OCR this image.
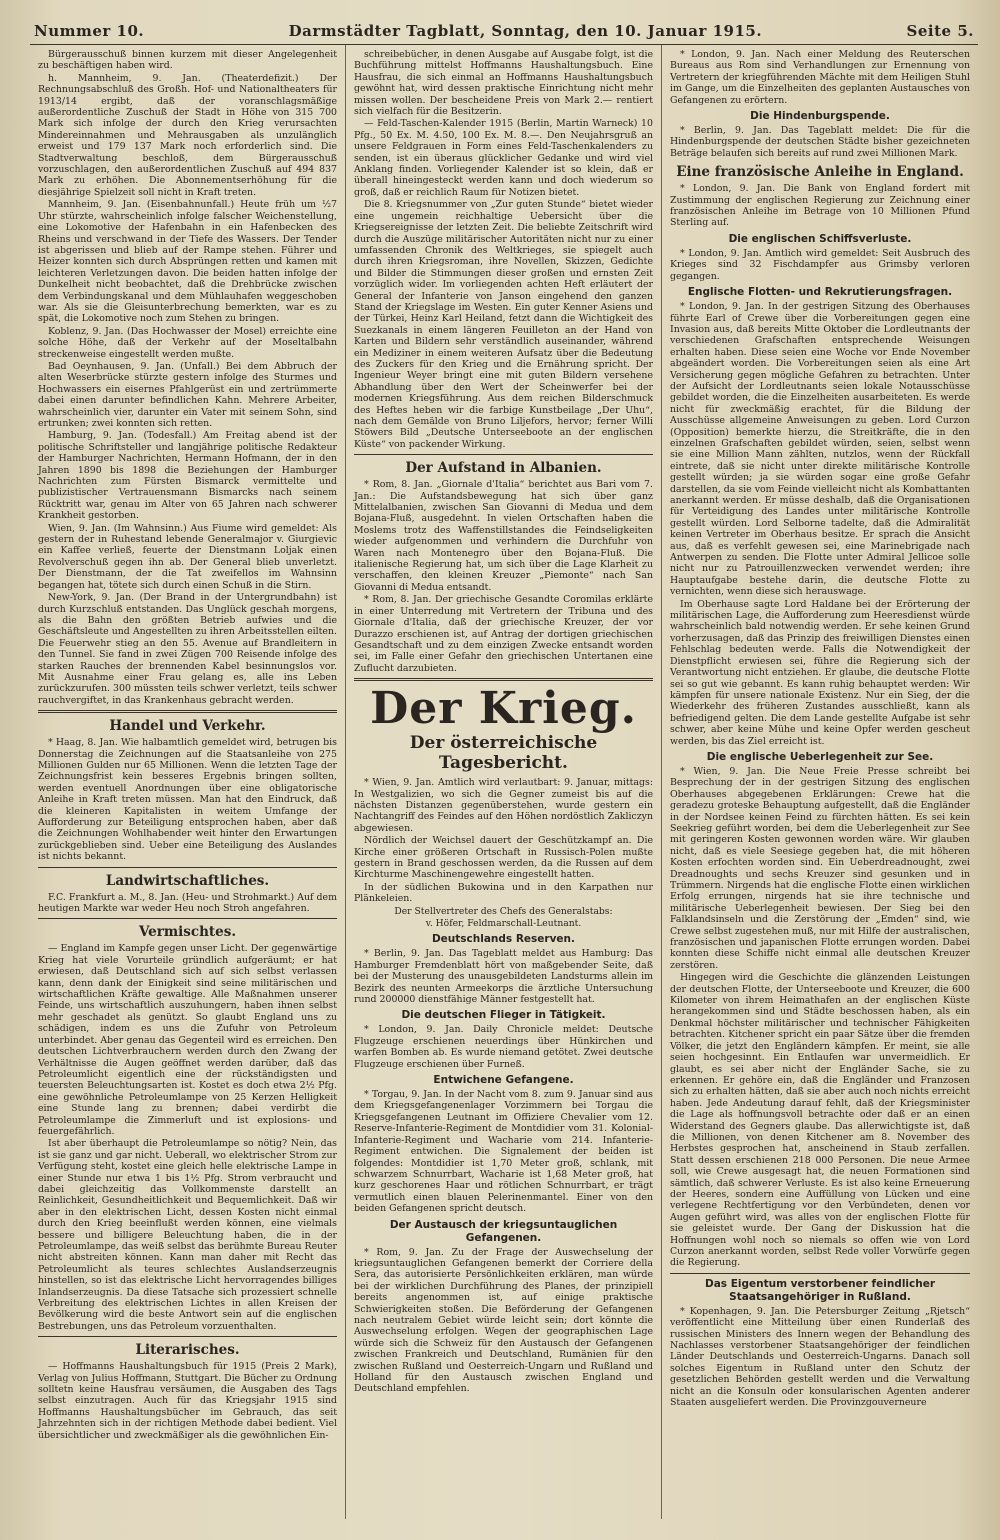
Nummer 10.	Darmstädter Tagblatt, Sonntag, den 10. Januar 1915.	Seite 5.

Bürgerausschuß binnen kurzem mit dieser Angelegenheit zu beschäftigen haben wird.

h. Mannheim, 9. Jan. (Theaterdefizit.) Der Rechnungsabschluß des Großh. Hof- und Nationaltheaters für 1913/14 ergibt, daß der voranschlagsmäßige außerordentliche Zuschuß der Stadt in Höhe von 315 700 Mark sich infolge der durch den Krieg verursachten Mindereinnahmen und Mehrausgaben als unzulänglich erweist und 179 137 Mark noch erforderlich sind. Die Stadtverwaltung beschloß, dem Bürgerausschuß vorzuschlagen, den außerordentlichen Zuschuß auf 494 837 Mark zu erhöhen. Die Abonnementserhöhung für die diesjährige Spielzeit soll nicht in Kraft treten.

Mannheim, 9. Jan. (Eisenbahnunfall.) Heute früh um ½7 Uhr stürzte, wahrscheinlich infolge falscher Weichenstellung, eine Lokomotive der Hafenbahn in ein Hafenbecken des Rheins und verschwand in der Tiefe des Wassers. Der Tender ist abgerissen und blieb auf der Rampe stehen. Führer und Heizer konnten sich durch Absprüngen retten und kamen mit leichteren Verletzungen davon. Die beiden hatten infolge der Dunkelheit nicht beobachtet, daß die Drehbrücke zwischen dem Verbindungskanal und dem Mühlauhafen weggeschoben war. Als sie die Gleisunterbrechung bemerkten, war es zu spät, die Lokomotive noch zum Stehen zu bringen.

Koblenz, 9. Jan. (Das Hochwasser der Mosel) erreichte eine solche Höhe, daß der Verkehr auf der Moseltalbahn streckenweise eingestellt werden mußte.

Bad Oeynhausen, 9. Jan. (Unfall.) Bei dem Abbruch der alten Weserbrücke stürzte gestern infolge des Sturmes und Hochwassers ein eisernes Pfahlgerüst ein und zertrümmerte dabei einen darunter befindlichen Kahn. Mehrere Arbeiter, wahrscheinlich vier, darunter ein Vater mit seinem Sohn, sind ertrunken; zwei konnten sich retten.

Hamburg, 9. Jan. (Todesfall.) Am Freitag abend ist der politische Schriftsteller und langjährige politische Redakteur der Hamburger Nachrichten, Hermann Hofmann, der in den Jahren 1890 bis 1898 die Beziehungen der Hamburger Nachrichten zum Fürsten Bismarck vermittelte und publizistischer Vertrauensmann Bismarcks nach seinem Rücktritt war, genau im Alter von 65 Jahren nach schwerer Krankheit gestorben.

Wien, 9. Jan. (Im Wahnsinn.) Aus Fiume wird gemeldet: Als gestern der in Ruhestand lebende Generalmajor v. Giurgievic ein Kaffee verließ, feuerte der Dienstmann Loljak einen Revolverschuß gegen ihn ab. Der General blieb unverletzt. Der Dienstmann, der die Tat zweifellos im Wahnsinn begangen hat, tötete sich durch einen Schuß in die Stirn.

New-York, 9. Jan. (Der Brand in der Untergrundbahn) ist durch Kurzschluß entstanden. Das Unglück geschah morgens, als die Bahn den größten Betrieb aufwies und die Geschäftsleute und Angestellten zu ihren Arbeitsstellen eilten. Die Feuerwehr stieg an den 55. Avenue auf Brandleitern in den Tunnel. Sie fand in zwei Zügen 700 Reisende infolge des starken Rauches der brennenden Kabel besinnungslos vor. Mit Ausnahme einer Frau gelang es, alle ins Leben zurückzurufen. 300 müssten teils schwer verletzt, teils schwer rauchvergiftet, in das Krankenhaus gebracht werden.

Handel und Verkehr.

* Haag, 8. Jan. Wie halbamtlich gemeldet wird, betrugen bis Donnerstag die Zeichnungen auf die Staatsanleihe von 275 Millionen Gulden nur 65 Millionen. Wenn die letzten Tage der Zeichnungsfrist kein besseres Ergebnis bringen sollten, werden eventuell Anordnungen über eine obligatorische Anleihe in Kraft treten müssen. Man hat den Eindruck, daß die kleineren Kapitalisten in weitem Umfange der Aufforderung zur Beteiligung entsprochen haben, aber daß die Zeichnungen Wohlhabender weit hinter den Erwartungen zurückgeblieben sind. Ueber eine Beteiligung des Auslandes ist nichts bekannt.

Landwirtschaftliches.

F.C. Frankfurt a. M., 8. Jan. (Heu- und Strohmarkt.) Auf dem heutigen Markte war weder Heu noch Stroh angefahren.

Vermischtes.

— England im Kampfe gegen unser Licht. Der gegenwärtige Krieg hat viele Vorurteile gründlich aufgeräumt; er hat erwiesen, daß Deutschland sich auf sich selbst verlassen kann, denn dank der Einigkeit sind seine militärischen und wirtschaftlichen Kräfte gewaltige. Alle Maßnahmen unserer Feinde, uns wirtschaftlich auszuhungern, haben ihnen selbst mehr geschadet als genützt. So glaubt England uns zu schädigen, indem es uns die Zufuhr von Petroleum unterbindet. Aber genau das Gegenteil wird es erreichen. Den deutschen Lichtverbrauchern werden durch den Zwang der Verhältnisse die Augen geöffnet werden darüber, daß das Petroleumlicht eigentlich eine der rückständigsten und teuersten Beleuchtungsarten ist. Kostet es doch etwa 2½ Pfg. eine gewöhnliche Petroleumlampe von 25 Kerzen Helligkeit eine Stunde lang zu brennen; dabei verdirbt die Petroleumlampe die Zimmerluft und ist explosions- und feuergefährlich.

Ist aber überhaupt die Petroleumlampe so nötig? Nein, das ist sie ganz und gar nicht. Ueberall, wo elektrischer Strom zur Verfügung steht, kostet eine gleich helle elektrische Lampe in einer Stunde nur etwa 1 bis 1½ Pfg. Strom verbraucht und dabei gleichzeitig das Vollkommenste darstellt an Reinlichkeit, Gesundheitlichkeit und Bequemlichkeit. Daß wir aber in den elektrischen Licht, dessen Kosten nicht einmal durch den Krieg beeinflußt werden können, eine vielmals bessere und billigere Beleuchtung haben, die in der Petroleumlampe, das weiß selbst das berühmte Bureau Reuter nicht abstreiten können. Kann man daher mit Recht das Petroleumlicht als teures schlechtes Auslandserzeugnis hinstellen, so ist das elektrische Licht hervorragendes billiges Inlandserzeugnis. Da diese Tatsache sich prozessiert schnelle Verbreitung des elektrischen Lichtes in allen Kreisen der Bevölkerung wird die beste Antwort sein auf die englischen Bestrebungen, uns das Petroleum vorzuenthalten.

Literarisches.

— Hoffmanns Haushaltungsbuch für 1915 (Preis 2 Mark), Verlag von Julius Hoffmann, Stuttgart. Die Bücher zu Ordnung solltetn keine Hausfrau versäumen, die Ausgaben des Tags selbst einzutragen. Auch für das Kriegsjahr 1915 sind Hoffmanns Haushaltungsbücher im Gebrauch, das seit Jahrzehnten sich in der richtigen Methode dabei bedient. Viel übersichtlicher und zweckmäßiger als die gewöhnlichen Ein-

schreibebücher, in denen Ausgabe auf Ausgabe folgt, ist die Buchführung mittelst Hoffmanns Haushaltungsbuch. Eine Hausfrau, die sich einmal an Hoffmanns Haushaltungsbuch gewöhnt hat, wird dessen praktische Einrichtung nicht mehr missen wollen. Der bescheidene Preis von Mark 2.— rentiert sich vielfach für die Besitzerin.

— Feld-Taschen-Kalender 1915 (Berlin, Martin Warneck) 10 Pfg., 50 Ex. M. 4.50, 100 Ex. M. 8.—. Den Neujahrsgruß an unsere Feldgrauen in Form eines Feld-Taschenkalenders zu senden, ist ein überaus glücklicher Gedanke und wird viel Anklang finden. Vorliegender Kalender ist so klein, daß er überall hineingesteckt werden kann und doch wiederum so groß, daß er reichlich Raum für Notizen bietet.

Die 8. Kriegsnummer von „Zur guten Stunde“ bietet wieder eine ungemein reichhaltige Uebersicht über die Kriegsereignisse der letzten Zeit. Die beliebte Zeitschrift wird durch die Auszüge militärischer Autoritäten nicht nur zu einer umfassenden Chronik des Weltkrieges, sie spiegelt auch durch ihren Kriegsroman, ihre Novellen, Skizzen, Gedichte und Bilder die Stimmungen dieser großen und ernsten Zeit vorzüglich wider. Im vorliegenden achten Heft erläutert der General der Infanterie von Janson eingehend den ganzen Stand der Kriegslage im Westen. Ein guter Kenner Asiens und der Türkei, Heinz Karl Heiland, fetzt dann die Wichtigkeit des Suezkanals in einem längeren Feuilleton an der Hand von Karten und Bildern sehr verständlich auseinander, während ein Mediziner in einem weiteren Aufsatz über die Bedeutung des Zuckers für den Krieg und die Ernährung spricht. Der Ingenieur Weyer bringt eine mit guten Bildern versehene Abhandlung über den Wert der Scheinwerfer bei der modernen Kriegsführung. Aus dem reichen Bilderschmuck des Heftes heben wir die farbige Kunstbeilage „Der Uhu“, nach dem Gemälde von Bruno Liljefors, hervor; ferner Willi Stöwers Bild „Deutsche Unterseeboote an der englischen Küste“ von packender Wirkung.

Der Aufstand in Albanien.

* Rom, 8. Jan. „Giornale d'Italia“ berichtet aus Bari vom 7. Jan.: Die Aufstandsbewegung hat sich über ganz Mittelalbanien, zwischen San Giovanni di Medua und dem Bojana-Fluß, ausgedehnt. In vielen Ortschaften haben die Moslems trotz des Waffenstillstandes die Feindseligkeiten wieder aufgenommen und verhindern die Durchfuhr von Waren nach Montenegro über den Bojana-Fluß. Die italienische Regierung hat, um sich über die Lage Klarheit zu verschaffen, den kleinen Kreuzer „Piemonte“ nach San Giovanni di Medua entsandt.

* Rom, 8. Jan. Der griechische Gesandte Coromilas erklärte in einer Unterredung mit Vertretern der Tribuna und des Giornale d'Italia, daß der griechische Kreuzer, der vor Durazzo erschienen ist, auf Antrag der dortigen griechischen Gesandtschaft und zu dem einzigen Zwecke entsandt worden sei, im Falle einer Gefahr den griechischen Untertanen eine Zuflucht darzubieten.

Der Krieg.
Der österreichische Tagesbericht.

* Wien, 9. Jan. Amtlich wird verlautbart: 9. Januar, mittags: In Westgalizien, wo sich die Gegner zumeist bis auf die nächsten Distanzen gegenüberstehen, wurde gestern ein Nachtangriff des Feindes auf den Höhen nordöstlich Zakliczyn abgewiesen.

Nördlich der Weichsel dauert der Geschützkampf an. Die Kirche einer größeren Ortschaft in Russisch-Polen mußte gestern in Brand geschossen werden, da die Russen auf dem Kirchturme Maschinengewehre eingestellt hatten.

In der südlichen Bukowina und in den Karpathen nur Plänkeleien.

Der Stellvertreter des Chefs des Generalstabs:

v. Höfer, Feldmarschall-Leutnant.

Deutschlands Reserven.

* Berlin, 9. Jan. Das Tageblatt meldet aus Hamburg: Das Hamburger Fremdenblatt hört von maßgebender Seite, daß bei der Musterung des unausgebildeten Landsturms allein im Bezirk des neunten Armeekorps die ärztliche Untersuchung rund 200000 dienstfähige Männer festgestellt hat.

Die deutschen Flieger in Tätigkeit.

* London, 9. Jan. Daily Chronicle meldet: Deutsche Flugzeuge erschienen neuerdings über Hünkirchen und warfen Bomben ab. Es wurde niemand getötet. Zwei deutsche Flugzeuge erschienen über Furneß.

Entwichene Gefangene.

* Torgau, 9. Jan. In der Nacht vom 8. zum 9. Januar sind aus dem Kriegsgefangenenlager Vorzimmern bei Torgau die Kriegsgefangenen Leutnant im Offiziere Chevalier vom 12. Reserve-Infanterie-Regiment de Montdidier vom 31. Kolonial-Infanterie-Regiment und Wacharie vom 214. Infanterie-Regiment entwichen. Die Signalement der beiden ist folgendes: Montdidier ist 1,70 Meter groß, schlank, mit schwarzem Schnurrbart, Wacharie ist 1,68 Meter groß, hat kurz geschorenes Haar und rötlichen Schnurrbart, er trägt vermutlich einen blauen Pelerinenmantel. Einer von den beiden Gefangenen spricht deutsch.

Der Austausch der kriegsuntauglichen Gefangenen.

* Rom, 9. Jan. Zu der Frage der Auswechselung der kriegsuntauglichen Gefangenen bemerkt der Corriere della Sera, das autorisierte Persönlichkeiten erklären, man würde bei der wirklichen Durchführung des Planes, der prinzipiell bereits angenommen ist, auf einige praktische Schwierigkeiten stoßen. Die Beförderung der Gefangenen nach neutralem Gebiet würde leicht sein; dort könnte die Auswechselung erfolgen. Wegen der geographischen Lage würde sich die Schweiz für den Austausch der Gefangenen zwischen Frankreich und Deutschland, Rumänien für den zwischen Rußland und Oesterreich-Ungarn und Rußland und Holland für den Austausch zwischen England und Deutschland empfehlen.

* London, 9. Jan. Nach einer Meldung des Reuterschen Bureaus aus Rom sind Verhandlungen zur Ernennung von Vertretern der kriegführenden Mächte mit dem Heiligen Stuhl im Gange, um die Einzelheiten des geplanten Austausches von Gefangenen zu erörtern.

Die Hindenburgspende.

* Berlin, 9. Jan. Das Tageblatt meldet: Die für die Hindenburgspende der deutschen Städte bisher gezeichneten Beträge belaufen sich bereits auf rund zwei Millionen Mark.

Eine französische Anleihe in England.

* London, 9. Jan. Die Bank von England fordert mit Zustimmung der englischen Regierung zur Zeichnung einer französischen Anleihe im Betrage von 10 Millionen Pfund Sterling auf.

Die englischen Schiffsverluste.

* London, 9. Jan. Amtlich wird gemeldet: Seit Ausbruch des Krieges sind 32 Fischdampfer aus Grimsby verloren gegangen.

Englische Flotten- und Rekrutierungsfragen.

* London, 9. Jan. In der gestrigen Sitzung des Oberhauses führte Earl of Crewe über die Vorbereitungen gegen eine Invasion aus, daß bereits Mitte Oktober die Lordleutnants der verschiedenen Grafschaften entsprechende Weisungen erhalten haben. Diese seien eine Woche vor Ende November abgeändert worden. Die Vorbereitungen seien als eine Art Versicherung gegen mögliche Gefahren zu betrachten. Unter der Aufsicht der Lordleutnants seien lokale Notausschüsse gebildet worden, die die Einzelheiten ausarbeiteten. Es werde nicht für zweckmäßig erachtet, für die Bildung der Ausschüsse allgemeine Anweisungen zu geben. Lord Curzon (Opposition) bemerkte hierzu, die Streitkräfte, die in den einzelnen Grafschaften gebildet würden, seien, selbst wenn sie eine Million Mann zählten, nutzlos, wenn der Rückfall eintrete, daß sie nicht unter direkte militärische Kontrolle gestellt würden; ja sie würden sogar eine große Gefahr darstellen, da sie vom Feinde vielleicht nicht als Kombattanten anerkannt werden. Er müsse deshalb, daß die Organisationen für Verteidigung des Landes unter militärische Kontrolle gestellt würden. Lord Selborne tadelte, daß die Admiralität keinen Vertreter im Oberhaus besitze. Er sprach die Ansicht aus, daß es verfehlt gewesen sei, eine Marinebrigade nach Antwerpen zu senden. Die Flotte unter Admiral Jellicoe solle nicht nur zu Patrouillenzwecken verwendet werden; ihre Hauptaufgabe bestehe darin, die deutsche Flotte zu vernichten, wenn diese sich herauswage.

Im Oberhause sagte Lord Haldane bei der Erörterung der militärischen Lage, die Aufforderung zum Heeresdienst würde wahrscheinlich bald notwendig werden. Er sehe keinen Grund vorherzusagen, daß das Prinzip des freiwilligen Dienstes einen Fehlschlag bedeuten werde. Falls die Notwendigkeit der Dienstpflicht erwiesen sei, führe die Regierung sich der Verantwortung nicht entziehen. Er glaube, die deutsche Flotte sei so gut wie gebannt. Es kann ruhig behauptet werden: Wir kämpfen für unsere nationale Existenz. Nur ein Sieg, der die Wiederkehr des früheren Zustandes ausschließt, kann als befriedigend gelten. Die dem Lande gestellte Aufgabe ist sehr schwer, aber keine Mühe und keine Opfer werden gescheut werden, bis das Ziel erreicht ist.

Die englische Ueberlegenheit zur See.

* Wien, 9. Jan. Die Neue Freie Presse schreibt bei Besprechung der in der gestrigen Sitzung des englischen Oberhauses abgegebenen Erklärungen: Crewe hat die geradezu groteske Behauptung aufgestellt, daß die Engländer in der Nordsee keinen Feind zu fürchten hätten. Es sei kein Seekrieg geführt worden, bei dem die Ueberlegenheit zur See mit geringeren Kosten gewonnen worden wäre. Wir glauben nicht, daß es viele Seesiege gegeben hat, die mit höheren Kosten erfochten worden sind. Ein Ueberdreadnought, zwei Dreadnoughts und sechs Kreuzer sind gesunken und in Trümmern. Nirgends hat die englische Flotte einen wirklichen Erfolg errungen, nirgends hat sie ihre technische und militärische Ueberlegenheit bewiesen. Der Sieg bei den Falklandsinseln und die Zerstörung der „Emden“ sind, wie Crewe selbst zugestehen muß, nur mit Hilfe der australischen, französischen und japanischen Flotte errungen worden. Dabei konnten diese Schiffe nicht einmal alle deutschen Kreuzer zerstören.

Hingegen wird die Geschichte die glänzenden Leistungen der deutschen Flotte, der Unterseeboote und Kreuzer, die 600 Kilometer von ihrem Heimathafen an der englischen Küste herangekommen sind und Städte beschossen haben, als ein Denkmal höchster militärischer und technischer Fähigkeiten betrachten. Kitchener spricht ein paar Sätze über die fremden Völker, die jetzt den Engländern kämpfen. Er meint, sie alle seien hochgesinnt. Ein Entlaufen war unvermeidlich. Er glaubt, es sei aber nicht der Engländer Sache, sie zu erkennen. Er gehöre ein, daß die Engländer und Franzosen sich zu erhalten hätten, daß sie aber auch noch nichts erreicht haben. Jede Andeutung darauf fehlt, daß der Kriegsminister die Lage als hoffnungsvoll betrachte oder daß er an einen Widerstand des Gegners glaube. Das allerwichtigste ist, daß die Millionen, von denen Kitchener am 8. November des Herbstes gesprochen hat, anscheinend in Staub zerfallen. Statt dessen erschienen 218 000 Personen. Die neue Armee soll, wie Crewe ausgesagt hat, die neuen Formationen sind sämtlich, daß schwerer Verluste. Es ist also keine Erneuerung der Heeres, sondern eine Auffüllung von Lücken und eine verlegene Rechtfertigung vor den Verbündeten, denen vor Augen geführt wird, was alles von der englischen Flotte für sie geleistet wurde. Der Gang der Diskussion hat die Hoffnungen wohl noch so niemals so offen wie von Lord Curzon anerkannt worden, selbst Rede voller Vorwürfe gegen die Regierung.

Das Eigentum verstorbener feindlicher Staatsangehöriger in Rußland.

* Kopenhagen, 9. Jan. Die Petersburger Zeitung „Rjetsch“ veröffentlicht eine Mitteilung über einen Runderlaß des russischen Ministers des Innern wegen der Behandlung des Nachlasses verstorbener Staatsangehöriger der feindlichen Länder Deutschlands und Oesterreich-Ungarns. Danach soll solches Eigentum in Rußland unter den Schutz der gesetzlichen Behörden gestellt werden und die Verwaltung nicht an die Konsuln oder konsularischen Agenten anderer Staaten ausgeliefert werden. Die Provinzgouverneure
